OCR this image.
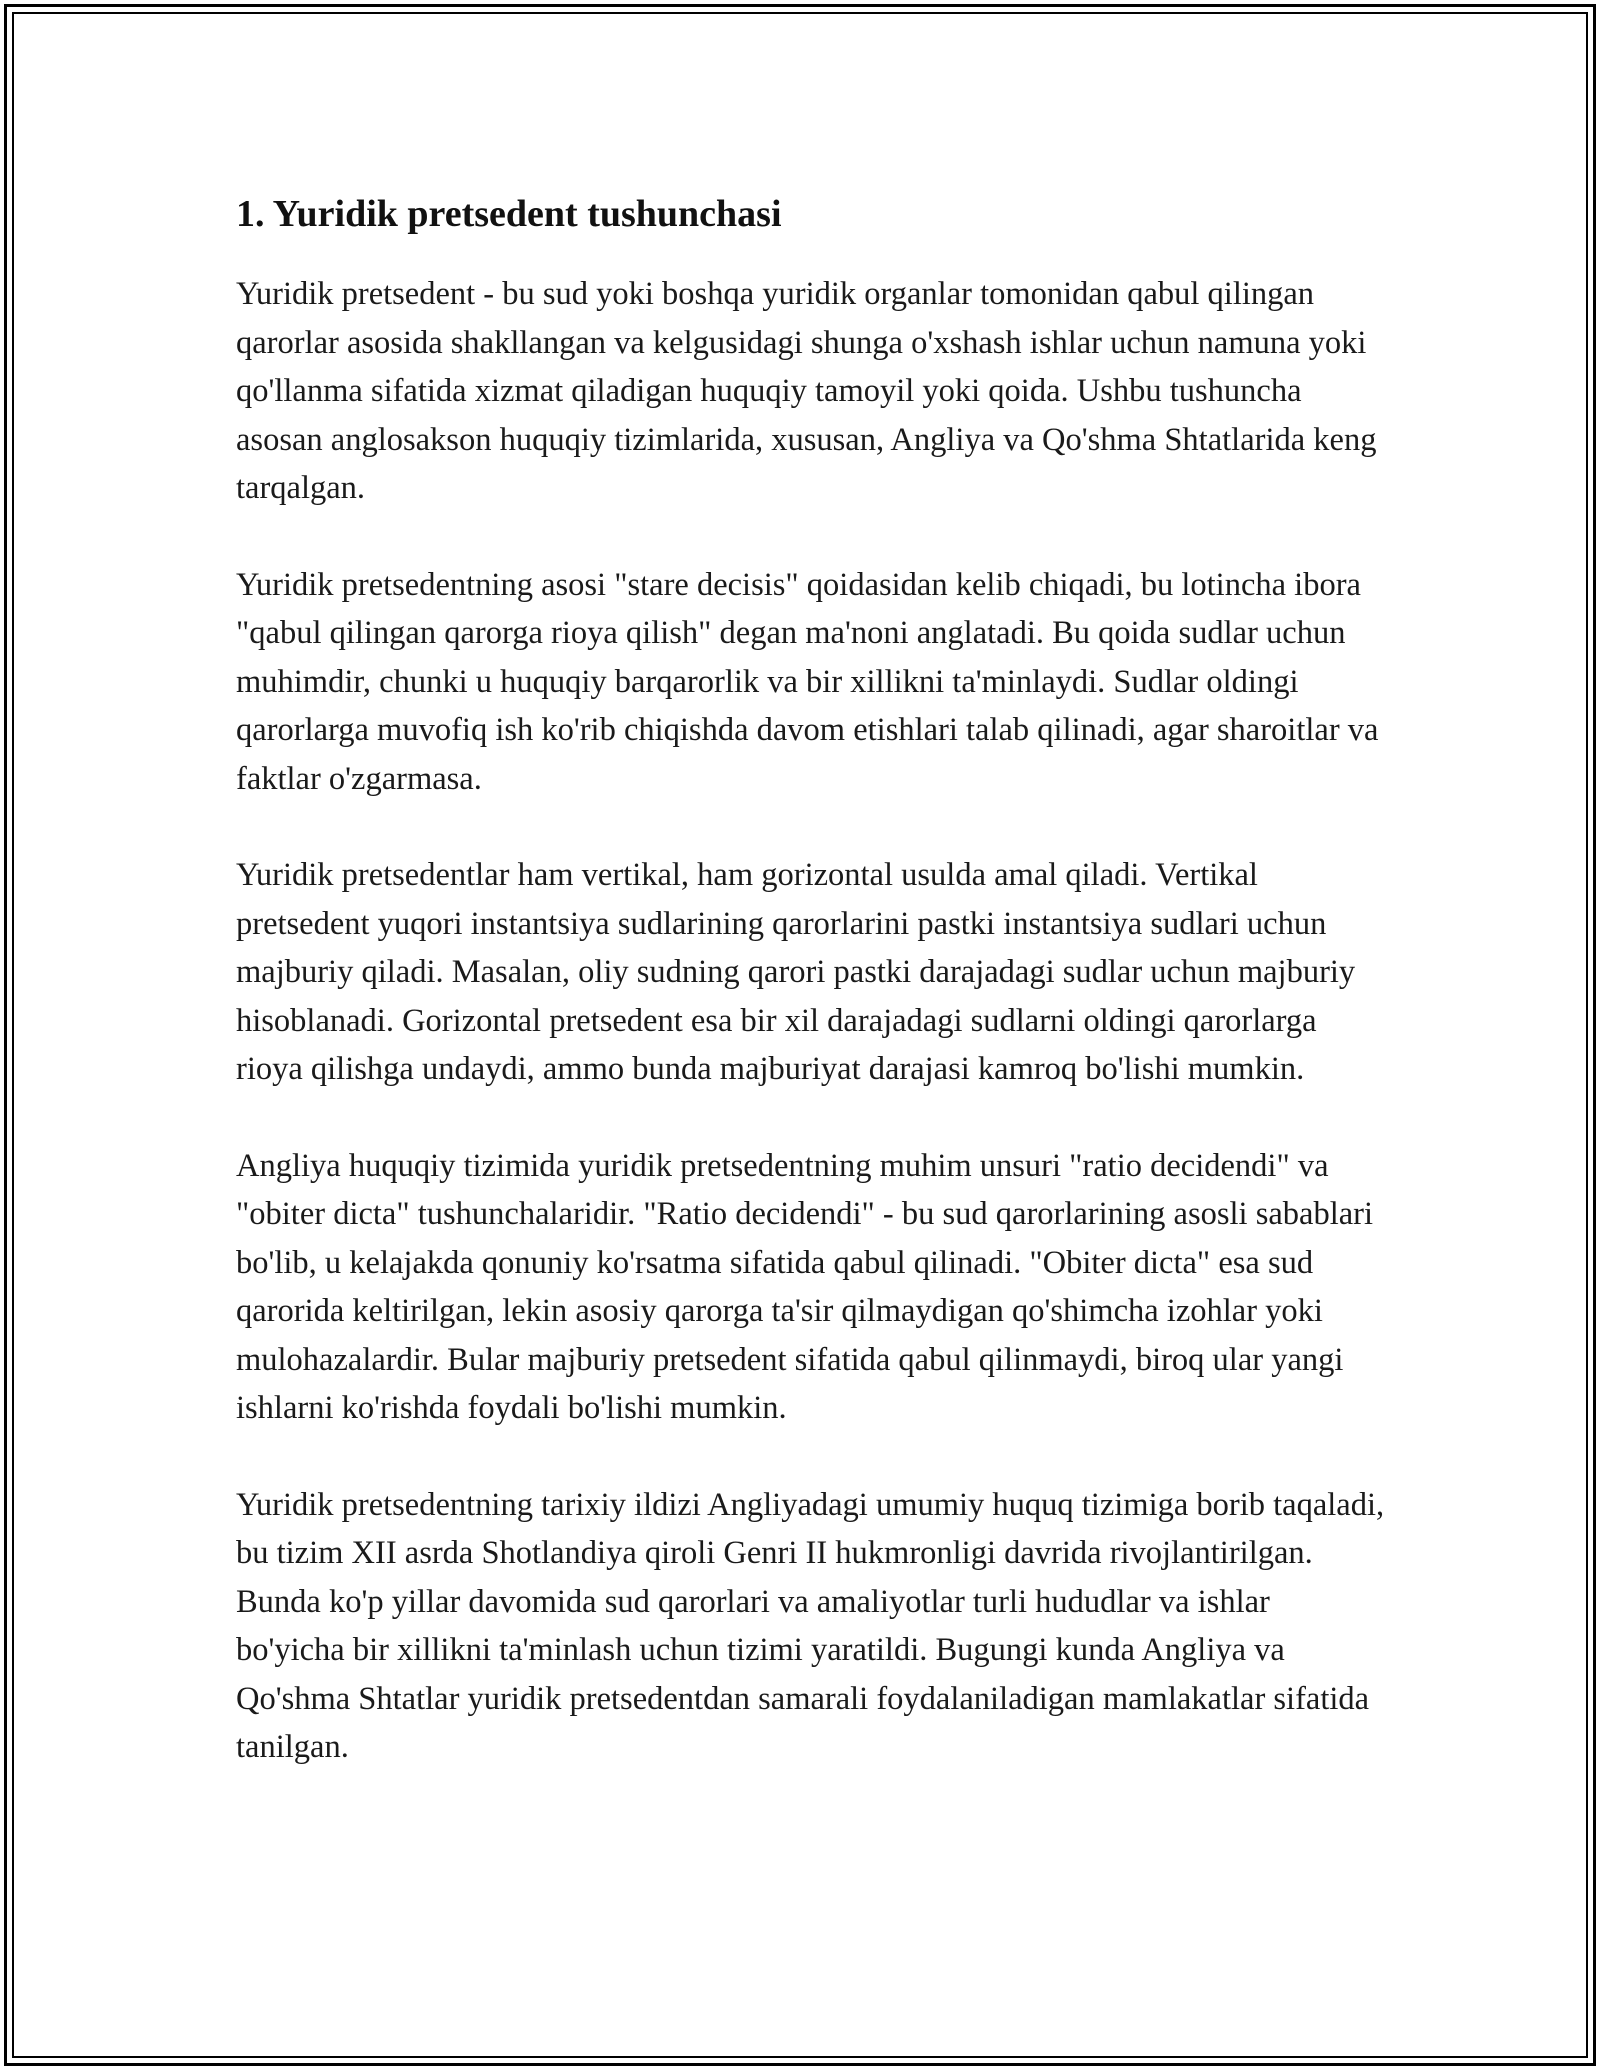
1. Yuridik pretsedent tushunchasi

Yuridik pretsedent - bu sud yoki boshqa yuridik organlar tomonidan qabul qilingan qarorlar asosida shakllangan va kelgusidagi shunga o'xshash ishlar uchun namuna yoki qo'llanma sifatida xizmat qiladigan huquqiy tamoyil yoki qoida. Ushbu tushuncha asosan anglosakson huquqiy tizimlarida, xususan, Angliya va Qo'shma Shtatlarida keng tarqalgan.

Yuridik pretsedentning asosi "stare decisis" qoidasidan kelib chiqadi, bu lotincha ibora "qabul qilingan qarorga rioya qilish" degan ma'noni anglatadi. Bu qoida sudlar uchun muhimdir, chunki u huquqiy barqarorlik va bir xillikni ta'minlaydi. Sudlar oldingi qarorlarga muvofiq ish ko'rib chiqishda davom etishlari talab qilinadi, agar sharoitlar va faktlar o'zgarmasa.

Yuridik pretsedentlar ham vertikal, ham gorizontal usulda amal qiladi. Vertikal pretsedent yuqori instantsiya sudlarining qarorlarini pastki instantsiya sudlari uchun majburiy qiladi. Masalan, oliy sudning qarori pastki darajadagi sudlar uchun majburiy hisoblanadi. Gorizontal pretsedent esa bir xil darajadagi sudlarni oldingi qarorlarga rioya qilishga undaydi, ammo bunda majburiyat darajasi kamroq bo'lishi mumkin.

Angliya huquqiy tizimida yuridik pretsedentning muhim unsuri "ratio decidendi" va "obiter dicta" tushunchalaridir. "Ratio decidendi" - bu sud qarorlarining asosli sabablari bo'lib, u kelajakda qonuniy ko'rsatma sifatida qabul qilinadi. "Obiter dicta" esa sud qarorida keltirilgan, lekin asosiy qarorga ta'sir qilmaydigan qo'shimcha izohlar yoki mulohazalardir. Bular majburiy pretsedent sifatida qabul qilinmaydi, biroq ular yangi ishlarni ko'rishda foydali bo'lishi mumkin.

Yuridik pretsedentning tarixiy ildizi Angliyadagi umumiy huquq tizimiga borib taqaladi, bu tizim XII asrda Shotlandiya qiroli Genri II hukmronligi davrida rivojlantirilgan. Bunda ko'p yillar davomida sud qarorlari va amaliyotlar turli hududlar va ishlar bo'yicha bir xillikni ta'minlash uchun tizimi yaratildi. Bugungi kunda Angliya va Qo'shma Shtatlar yuridik pretsedentdan samarali foydalaniladigan mamlakatlar sifatida tanilgan.
